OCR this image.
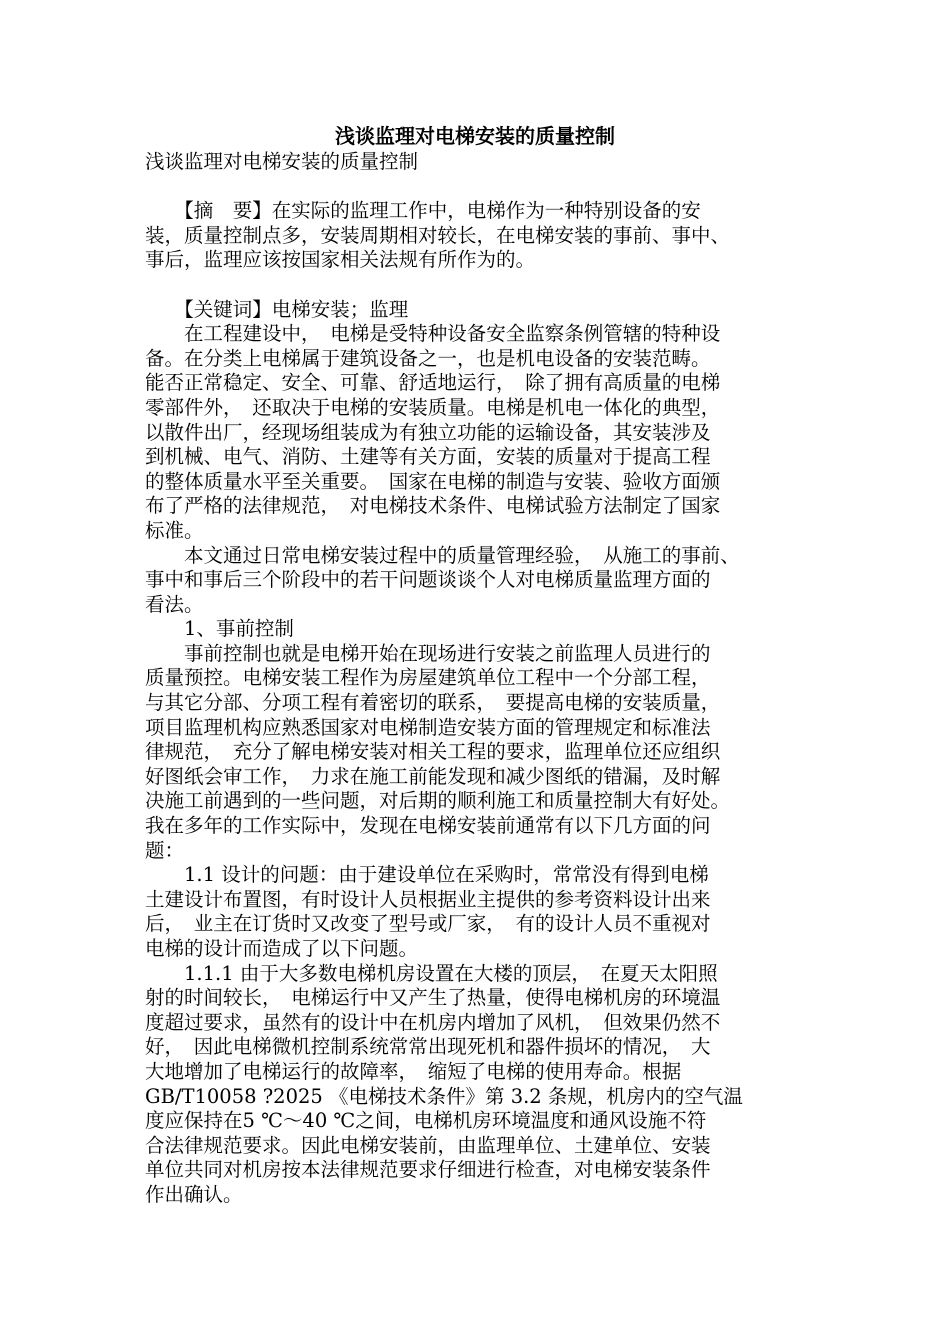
浅谈监理对电梯安装的质量控制

浅谈监理对电梯安装的质量控制

　　【摘　要】在实际的监理工作中，电梯作为一种特别设备的安

装，质量控制点多，安装周期相对较长，在电梯安装的事前、事中、

事后，监理应该按国家相关法规有所作为的。

　　【关键词】电梯安装；监理

　　在工程建设中，　电梯是受特种设备安全监察条例管辖的特种设

备。在分类上电梯属于建筑设备之一，也是机电设备的安装范畴。

能否正常稳定、安全、可靠、舒适地运行，　除了拥有高质量的电梯

零部件外，　还取决于电梯的安装质量。电梯是机电一体化的典型，

以散件出厂，经现场组装成为有独立功能的运输设备，其安装涉及

到机械、电气、消防、土建等有关方面，安装的质量对于提高工程

的整体质量水平至关重要。　国家在电梯的制造与安装、验收方面颁

布了严格的法律规范，　对电梯技术条件、电梯试验方法制定了国家

标准。

　　本文通过日常电梯安装过程中的质量管理经验，　从施工的事前、

事中和事后三个阶段中的若干问题谈谈个人对电梯质量监理方面的

看法。

　　1、事前控制

　　事前控制也就是电梯开始在现场进行安装之前监理人员进行的

质量预控。电梯安装工程作为房屋建筑单位工程中一个分部工程，

与其它分部、分项工程有着密切的联系，　要提高电梯的安装质量，

项目监理机构应熟悉国家对电梯制造安装方面的管理规定和标准法

律规范，　充分了解电梯安装对相关工程的要求，监理单位还应组织

好图纸会审工作，　力求在施工前能发现和减少图纸的错漏，及时解

决施工前遇到的一些问题，对后期的顺利施工和质量控制大有好处。

我在多年的工作实际中，发现在电梯安装前通常有以下几方面的问

题：

　　1.1 设计的问题：由于建设单位在采购时，常常没有得到电梯

土建设计布置图，有时设计人员根据业主提供的参考资料设计出来

后，　业主在订货时又改变了型号或厂家，　有的设计人员不重视对

电梯的设计而造成了以下问题。

　　1.1.1 由于大多数电梯机房设置在大楼的顶层，　在夏天太阳照

射的时间较长，　电梯运行中又产生了热量，使得电梯机房的环境温

度超过要求，虽然有的设计中在机房内增加了风机，　但效果仍然不

好，　因此电梯微机控制系统常常出现死机和器件损坏的情况，　大

大地增加了电梯运行的故障率，　缩短了电梯的使用寿命。根据

GB/T10058 ?2025 《电梯技术条件》第 3.2 条规，机房内的空气温

度应保持在5 ℃～40 ℃之间，电梯机房环境温度和通风设施不符

合法律规范要求。因此电梯安装前，由监理单位、土建单位、安装

单位共同对机房按本法律规范要求仔细进行检查，对电梯安装条件

作出确认。
